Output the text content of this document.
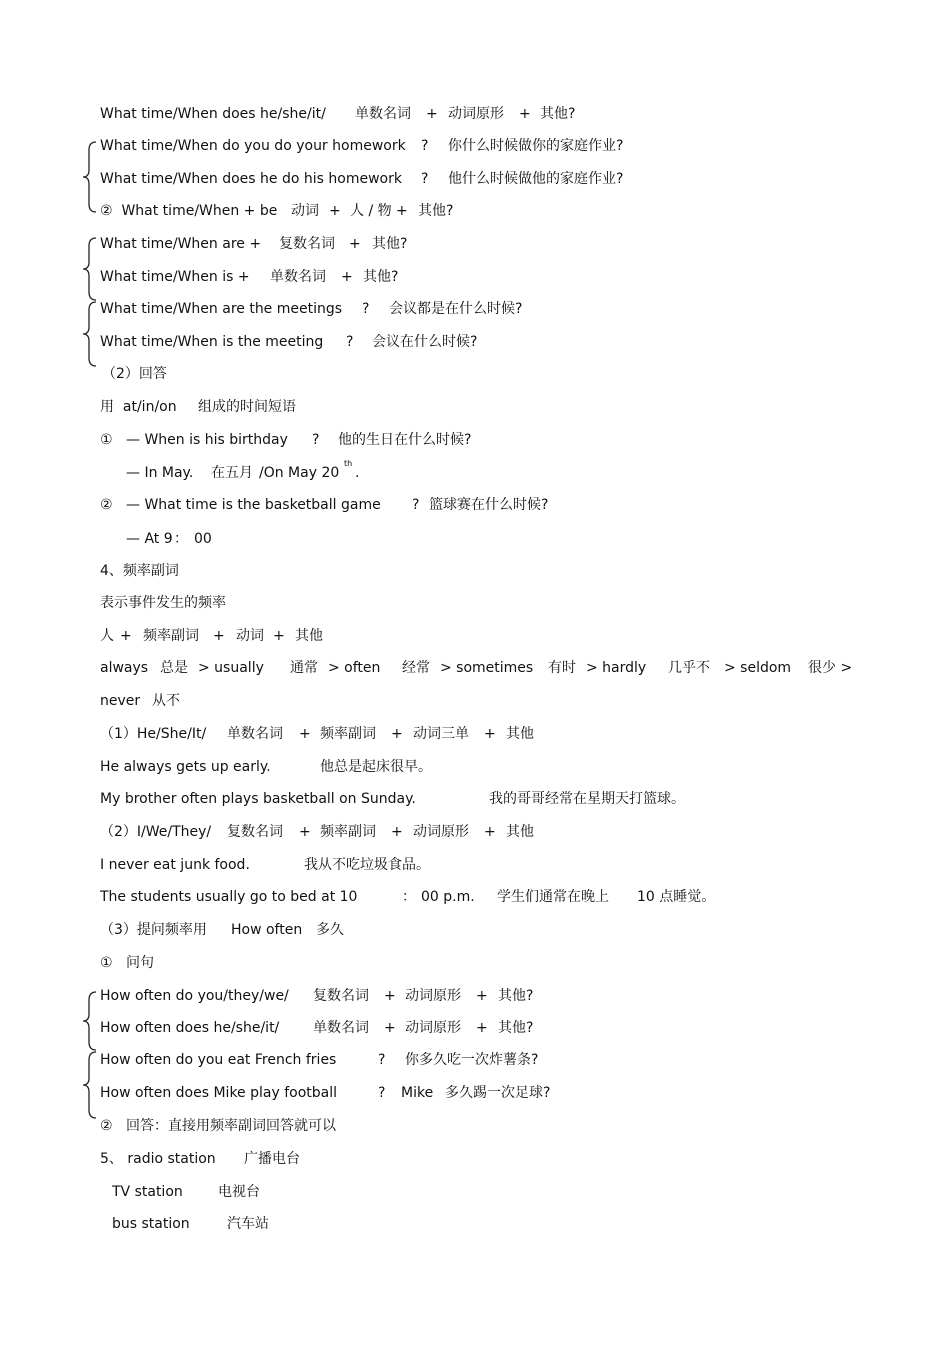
What time/When does he/she/it/

单数名词

+

动词原形

+

其他?

What time/When do you do your homework

?

你什么时候做你的家庭作业?

What time/When does he do his homework

?

他什么时候做他的家庭作业?

②  What time/When + be

动词

+

人 / 物

+

其他?

What time/When are +

复数名词

+

其他?

What time/When is +

单数名词

+

其他?

What time/When are the meetings

?

会议都是在什么时候?

What time/When is the meeting

?

会议在什么时候?

（2）回答

用  at/in/on

组成的时间短语

①

— When is his birthday

?

他的生日在什么时候?

— In May.

在五月

/On May 20

th

.

②

— What time is the basketball game

?

篮球赛在什么时候?

— At 9

：

00

4、频率副词

表示事件发生的频率

人

+

频率副词

+

动词

+

其他

always

总是

> usually

通常

> often

经常

> sometimes

有时

> hardly

几乎不

> seldom

很少 >

never

从不

（1）He/She/It/

单数名词

+

频率副词

+

动词三单

+

其他

He always gets up early.

	他总是起床很早。

My brother often plays basketball on Sunday.

	我的哥哥经常在星期天打篮球。

（2）I/We/They/

复数名词

+

频率副词

+

动词原形

+

其他

I never eat junk food.

	我从不吃垃圾食品。

The students usually go to bed at 10

	：

00 p.m.

学生们通常在晚上

10 点睡觉。

（3）提问频率用

How often

多久

①

问句

How often do you/they/we/

复数名词

+

动词原形

+

其他?

How often does he/she/it/

单数名词

+

动词原形

+

其他?

How often do you eat French fries

	?

你多久吃一次炸薯条?

How often does Mike play football

	?

Mike

多久踢一次足球?

②

回答：直接用频率副词回答就可以

5、 radio station

广播电台

TV station

	电视台

bus station

	汽车站
